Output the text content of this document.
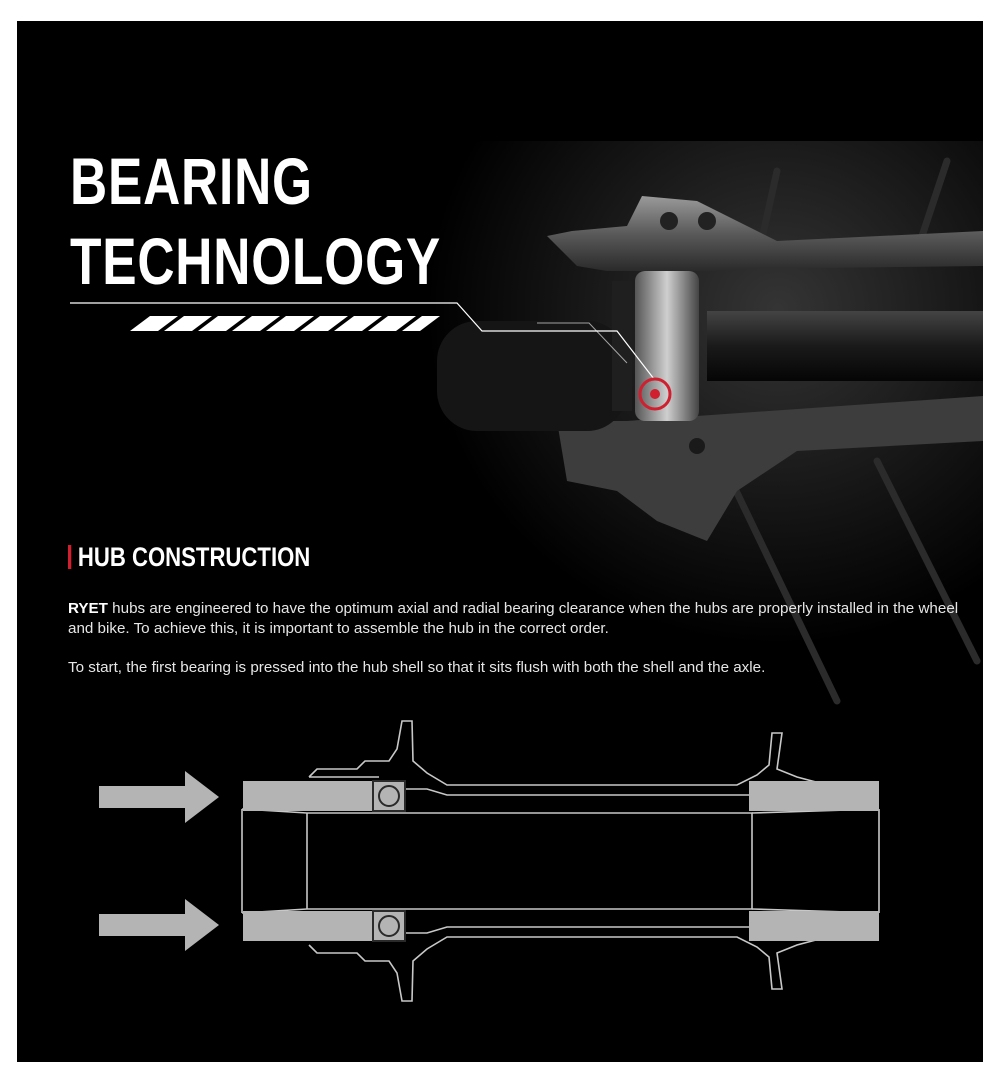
BEARING
TECHNOLOGY
HUB CONSTRUCTION

RYET hubs are engineered to have the optimum axial and radial bearing clearance when the hubs are properly installed in the wheel and bike. To achieve this, it is important to assemble the hub in the correct order.

To start, the first bearing is pressed into the hub shell so that it sits flush with both the shell and the axle.
